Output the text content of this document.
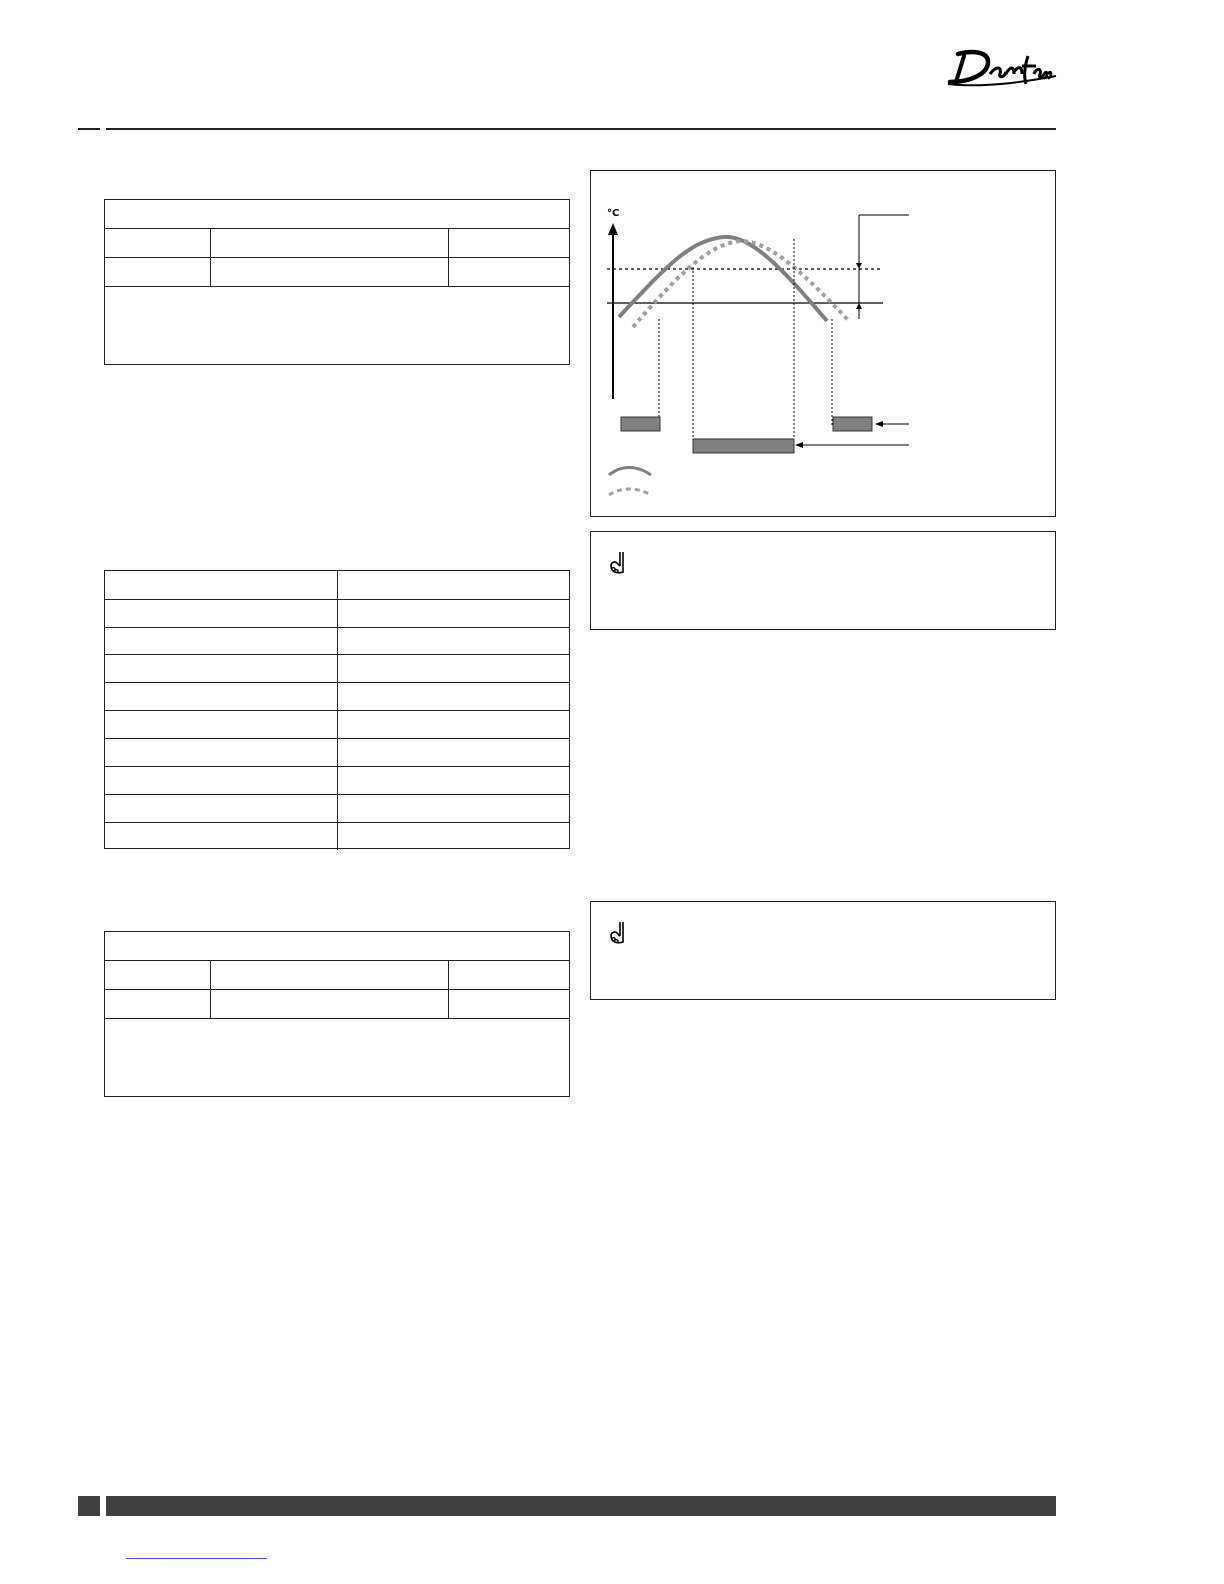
°C
